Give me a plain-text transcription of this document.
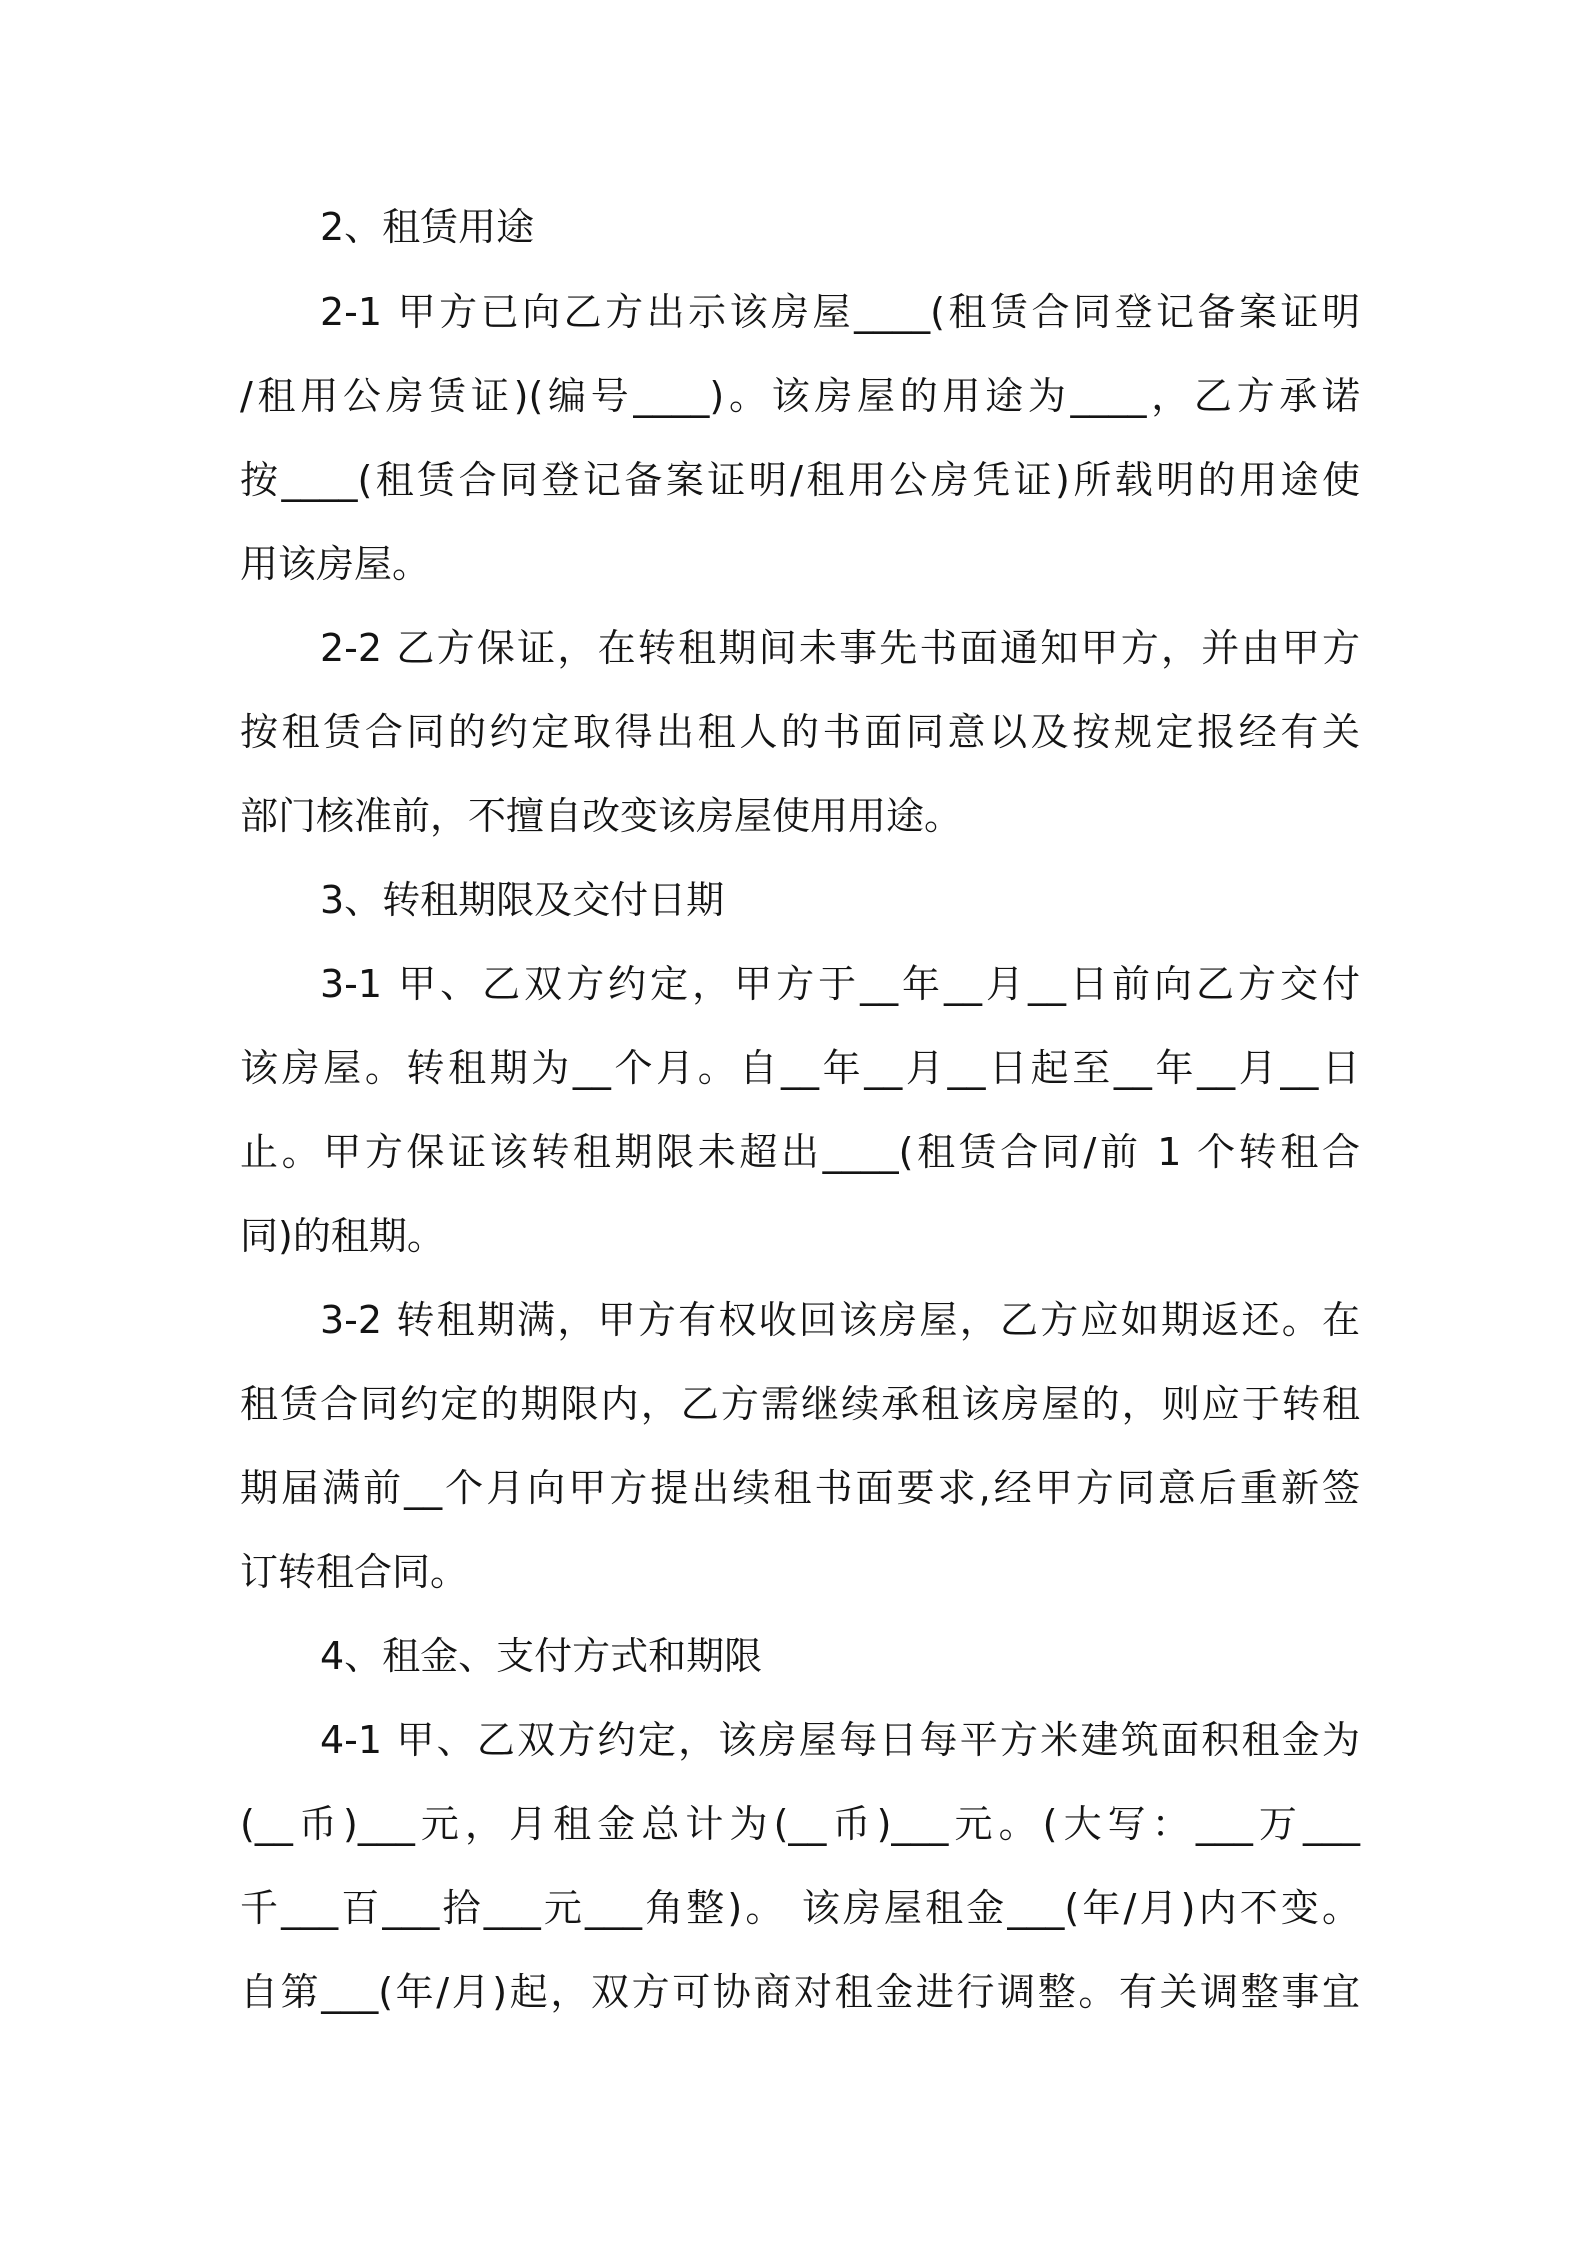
2、租赁用途

2-1 甲方已向乙方出示该房屋____(租赁合同登记备案证明

/租用公房赁证)(编号____)。该房屋的用途为____，乙方承诺

按____(租赁合同登记备案证明/租用公房凭证)所载明的用途使

用该房屋。

2-2 乙方保证，在转租期间未事先书面通知甲方，并由甲方

按租赁合同的约定取得出租人的书面同意以及按规定报经有关

部门核准前，不擅自改变该房屋使用用途。

3、转租期限及交付日期

3-1 甲、乙双方约定，甲方于__年__月__日前向乙方交付

该房屋。转租期为__个月。自__年__月__日起至__年__月__日

止。甲方保证该转租期限未超出____(租赁合同/前 1 个转租合

同)的租期。

3-2 转租期满，甲方有权收回该房屋，乙方应如期返还。在

租赁合同约定的期限内，乙方需继续承租该房屋的，则应于转租

期届满前__个月向甲方提出续租书面要求,经甲方同意后重新签

订转租合同。

4、租金、支付方式和期限

4-1 甲、乙双方约定，该房屋每日每平方米建筑面积租金为

(__币)___元，月租金总计为(__币)___元。(大写：___万___

千___百___拾___元___角整)。 该房屋租金___(年/月)内不变。

自第___(年/月)起，双方可协商对租金进行调整。有关调整事宜
